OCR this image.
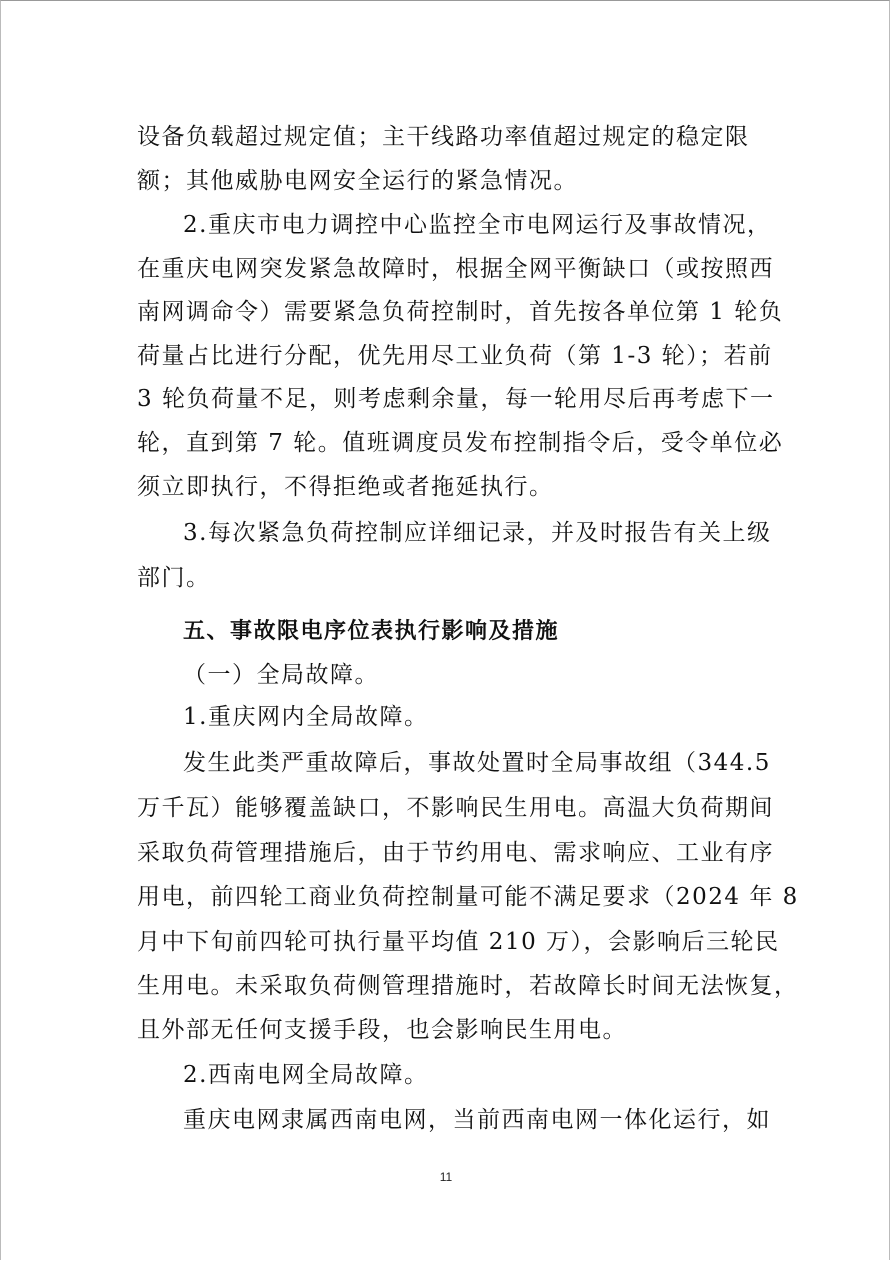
设备负载超过规定值；主干线路功率值超过规定的稳定限
额；其他威胁电网安全运行的紧急情况。
2.重庆市电力调控中心监控全市电网运行及事故情况，
在重庆电网突发紧急故障时，根据全网平衡缺口（或按照西
南网调命令）需要紧急负荷控制时，首先按各单位第 1 轮负
荷量占比进行分配，优先用尽工业负荷（第 1-3 轮）；若前
3 轮负荷量不足，则考虑剩余量，每一轮用尽后再考虑下一
轮，直到第 7 轮。值班调度员发布控制指令后，受令单位必
须立即执行，不得拒绝或者拖延执行。
3.每次紧急负荷控制应详细记录，并及时报告有关上级
部门。
五、事故限电序位表执行影响及措施
（一）全局故障。
1.重庆网内全局故障。
发生此类严重故障后，事故处置时全局事故组（344.5
万千瓦）能够覆盖缺口，不影响民生用电。高温大负荷期间
采取负荷管理措施后，由于节约用电、需求响应、工业有序
用电，前四轮工商业负荷控制量可能不满足要求（2024 年 8
月中下旬前四轮可执行量平均值 210 万），会影响后三轮民
生用电。未采取负荷侧管理措施时，若故障长时间无法恢复，
且外部无任何支援手段，也会影响民生用电。
2.西南电网全局故障。
重庆电网隶属西南电网，当前西南电网一体化运行，如
11
